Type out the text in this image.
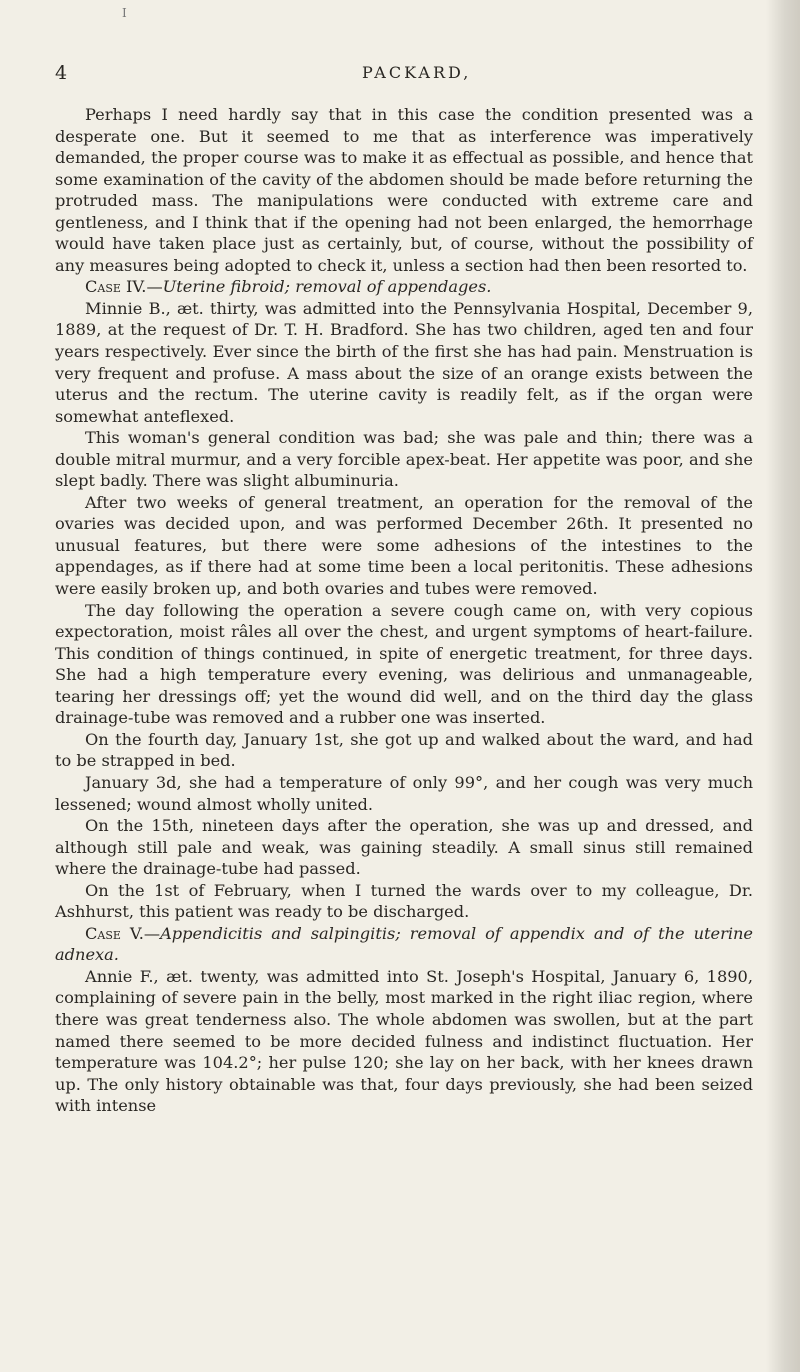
I
4	PACKARD,

Perhaps I need hardly say that in this case the condition presented was a desperate one. But it seemed to me that as interference was imperatively demanded, the proper course was to make it as effectual as possible, and hence that some examination of the cavity of the abdomen should be made before returning the protruded mass. The manipulations were conducted with extreme care and gentleness, and I think that if the opening had not been enlarged, the hemorrhage would have taken place just as certainly, but, of course, without the possibility of any measures being adopted to check it, unless a section had then been resorted to.

Case IV.—Uterine fibroid; removal of appendages.

Minnie B., æt. thirty, was admitted into the Pennsylvania Hospital, December 9, 1889, at the request of Dr. T. H. Bradford. She has two children, aged ten and four years respectively. Ever since the birth of the first she has had pain. Menstruation is very frequent and profuse. A mass about the size of an orange exists between the uterus and the rectum. The uterine cavity is readily felt, as if the organ were somewhat anteflexed.

This woman's general condition was bad; she was pale and thin; there was a double mitral murmur, and a very forcible apex-beat. Her appetite was poor, and she slept badly. There was slight albuminuria.

After two weeks of general treatment, an operation for the removal of the ovaries was decided upon, and was performed December 26th. It presented no unusual features, but there were some adhesions of the intestines to the appendages, as if there had at some time been a local peritonitis. These adhesions were easily broken up, and both ovaries and tubes were removed.

The day following the operation a severe cough came on, with very copious expectoration, moist râles all over the chest, and urgent symptoms of heart-failure. This condition of things continued, in spite of energetic treatment, for three days. She had a high temperature every evening, was delirious and unmanageable, tearing her dressings off; yet the wound did well, and on the third day the glass drainage-tube was removed and a rubber one was inserted.

On the fourth day, January 1st, she got up and walked about the ward, and had to be strapped in bed.

January 3d, she had a temperature of only 99°, and her cough was very much lessened; wound almost wholly united.

On the 15th, nineteen days after the operation, she was up and dressed, and although still pale and weak, was gaining steadily. A small sinus still remained where the drainage-tube had passed.

On the 1st of February, when I turned the wards over to my colleague, Dr. Ashhurst, this patient was ready to be discharged.

Case V.—Appendicitis and salpingitis; removal of appendix and of the uterine adnexa.

Annie F., æt. twenty, was admitted into St. Joseph's Hospital, January 6, 1890, complaining of severe pain in the belly, most marked in the right iliac region, where there was great tenderness also. The whole abdomen was swollen, but at the part named there seemed to be more decided fulness and indistinct fluctuation. Her temperature was 104.2°; her pulse 120; she lay on her back, with her knees drawn up. The only history obtainable was that, four days previously, she had been seized with intense
